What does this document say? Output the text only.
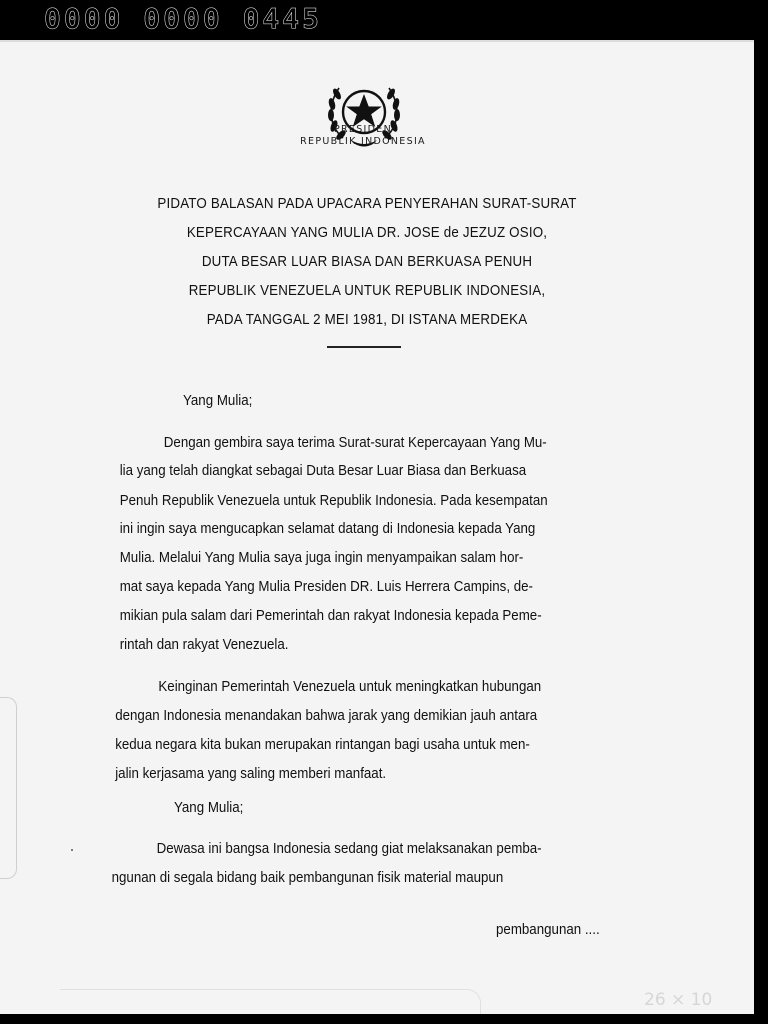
0000 0000 0445
PRESIDEN
REPUBLIK INDONESIA
PIDATO BALASAN PADA UPACARA PENYERAHAN SURAT-SURAT
KEPERCAYAAN YANG MULIA DR. JOSE de JEZUZ OSIO,
DUTA BESAR LUAR BIASA DAN BERKUASA PENUH
REPUBLIK VENEZUELA UNTUK REPUBLIK INDONESIA,
PADA TANGGAL 2 MEI 1981, DI ISTANA MERDEKA
Yang Mulia;
Dengan gembira saya terima Surat-surat Kepercayaan Yang Mu-
lia yang telah diangkat sebagai Duta Besar Luar Biasa dan Berkuasa
Penuh Republik Venezuela untuk Republik Indonesia. Pada kesempatan
ini ingin saya mengucapkan selamat datang di Indonesia kepada Yang
Mulia. Melalui Yang Mulia saya juga ingin menyampaikan salam hor-
mat saya kepada Yang Mulia Presiden DR. Luis Herrera Campins, de-
mikian pula salam dari Pemerintah dan rakyat Indonesia kepada Peme-
rintah dan rakyat Venezuela.
Keinginan Pemerintah Venezuela untuk meningkatkan hubungan
dengan Indonesia menandakan bahwa jarak yang demikian jauh antara
kedua negara kita bukan merupakan rintangan bagi usaha untuk men-
jalin kerjasama yang saling memberi manfaat.
Yang Mulia;
Dewasa ini bangsa Indonesia sedang giat melaksanakan pemba-
ngunan di segala bidang baik pembangunan fisik material maupun
pembangunan ....
26 × 10
